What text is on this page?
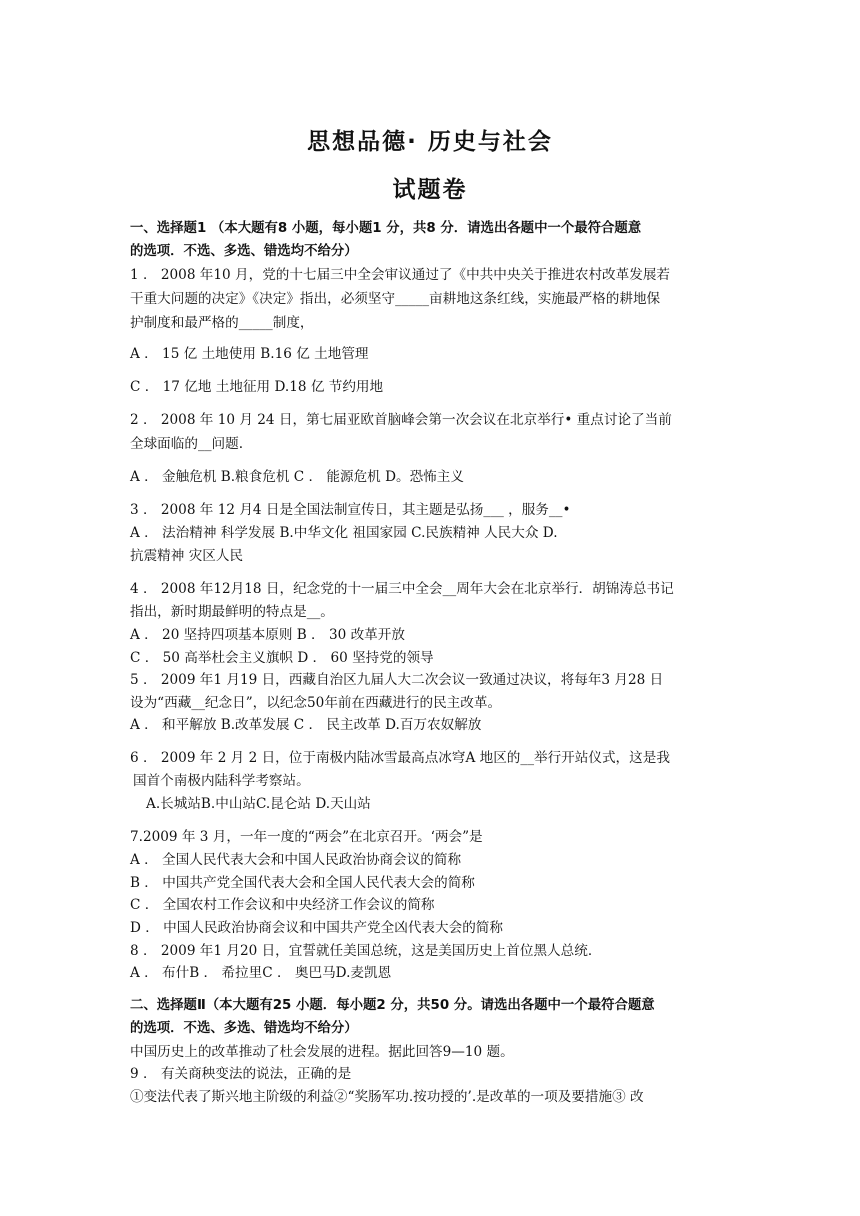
思想品德· 历史与社会
试题卷
一、选择题1 （本大题有8 小题，每小题1 分，共8 分．请选出各题中一个最符合题意
的选项．不选、多选、错选均不给分）
1 ． 2008 年10 月，党的十七届三中全会审议通过了《中共中央关于推进农村改革发展若
干重大问题的决定》《决定》指出，必须坚守_____亩耕地这条红线，实施最严格的耕地保
护制度和最严格的_____制度，
A ． 15 亿 土地使用 B.16 亿 土地管理
C ． 17 亿地 土地征用 D.18 亿 节约用地
2 ． 2008 年 10 月 24 日，第七届亚欧首脑峰会第一次会议在北京举行• 重点讨论了当前
全球面临的__问题.
A ． 金触危机 B.粮食危机 C ． 能源危机 D。恐怖主义
3 ． 2008 年 12 月4 日是全国法制宣传日，其主题是弘扬___ ，服务__•
A ． 法治精神 科学发展 B.中华文化 祖国家园 C.民族精神 人民大众 D.
抗震精神 灾区人民
4 ． 2008 年12月18 日，纪念党的十一届三中全会__周年大会在北京举行．胡锦涛总书记
指出，新时期最鲜明的特点是__。
A ． 20 坚持四项基本原则 B ． 30 改革开放
C ． 50 高举杜会主义旗帜 D ． 60 坚持党的领导
5 ． 2009 年1 月19 日，西藏自治区九届人大二次会议一致通过决议，将每年3 月28 日
设为“西藏__纪念日”，以纪念50年前在西藏进行的民主改革。
A ． 和平解放 B.改革发展 C ． 民主改革 D.百万农奴解放
6 ． 2009 年 2 月 2 日，位于南极内陆冰雪最高点冰穹A 地区的__举行开站仪式，这是我
国首个南极内陆科学考察站。
A.长城站B.中山站C.昆仑站 D.天山站
7.2009 年 3 月，一年一度的“两会”在北京召开。‘两会”是
A ． 全国人民代表大会和中国人民政治协商会议的简称
B ． 中国共产党全国代表大会和全国人民代表大会的简称
C ． 全国农村工作会议和中央经济工作会议的简称
D ． 中国人民政治协商会议和中国共产党全凶代表大会的简称
8 ． 2009 年1 月20 日，宜誓就任美国总统，这是美国历史上首位黑人总统．
A ． 布什B ． 希拉里C ． 奥巴马D.麦凯恩
二、选择题Ⅱ（本大题有25 小题．每小题2 分，共50 分。请选出各题中一个最符合题意
的选项．不选、多选、错选均不给分）
中国历史上的改革推动了杜会发展的进程。据此回答9—10 题。
9 ． 有关商秧变法的说法，正确的是
①变法代表了斯兴地主阶级的利益②“奖肠军功.按功授的’.是改革的一项及要措施③ 改
